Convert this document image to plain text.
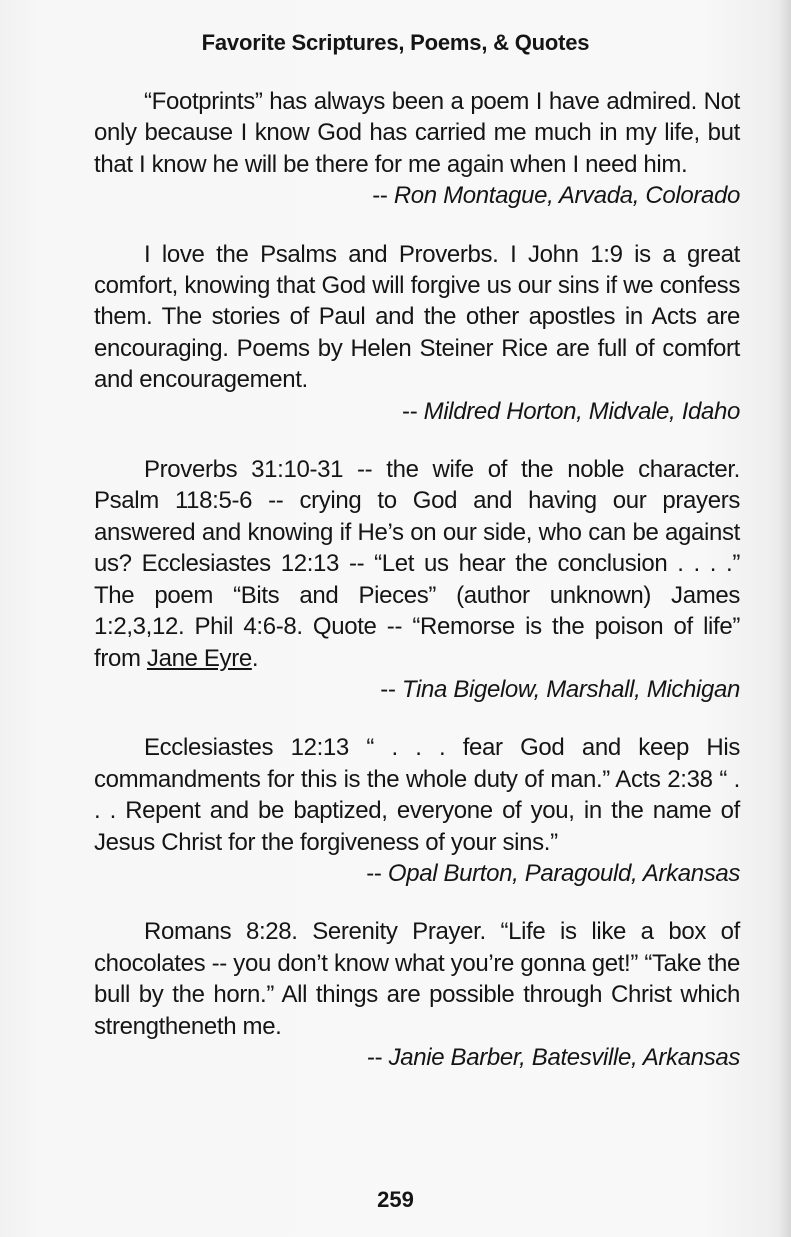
Favorite Scriptures, Poems, & Quotes

“Footprints” has always been a poem I have admired. Not only because I know God has carried me much in my life, but that I know he will be there for me again when I need him.

-- Ron Montague, Arvada, Colorado

I love the Psalms and Proverbs. I John 1:9 is a great comfort, knowing that God will forgive us our sins if we confess them. The stories of Paul and the other apostles in Acts are encouraging. Poems by Helen Steiner Rice are full of comfort and encouragement.

-- Mildred Horton, Midvale, Idaho

Proverbs 31:10-31 -- the wife of the noble character. Psalm 118:5-6 -- crying to God and having our prayers answered and knowing if He’s on our side, who can be against us? Ecclesiastes 12:13 -- “Let us hear the conclusion . . . .” The poem “Bits and Pieces” (author unknown) James 1:2,3,12. Phil 4:6-8. Quote -- “Remorse is the poison of life” from Jane Eyre.

-- Tina Bigelow, Marshall, Michigan

Ecclesiastes 12:13 “ . . . fear God and keep His commandments for this is the whole duty of man.” Acts 2:38 “ . . . Repent and be baptized, everyone of you, in the name of Jesus Christ for the forgiveness of your sins.”

-- Opal Burton, Paragould, Arkansas

Romans 8:28. Serenity Prayer. “Life is like a box of chocolates -- you don’t know what you’re gonna get!” “Take the bull by the horn.” All things are possible through Christ which strengtheneth me.

-- Janie Barber, Batesville, Arkansas

259
